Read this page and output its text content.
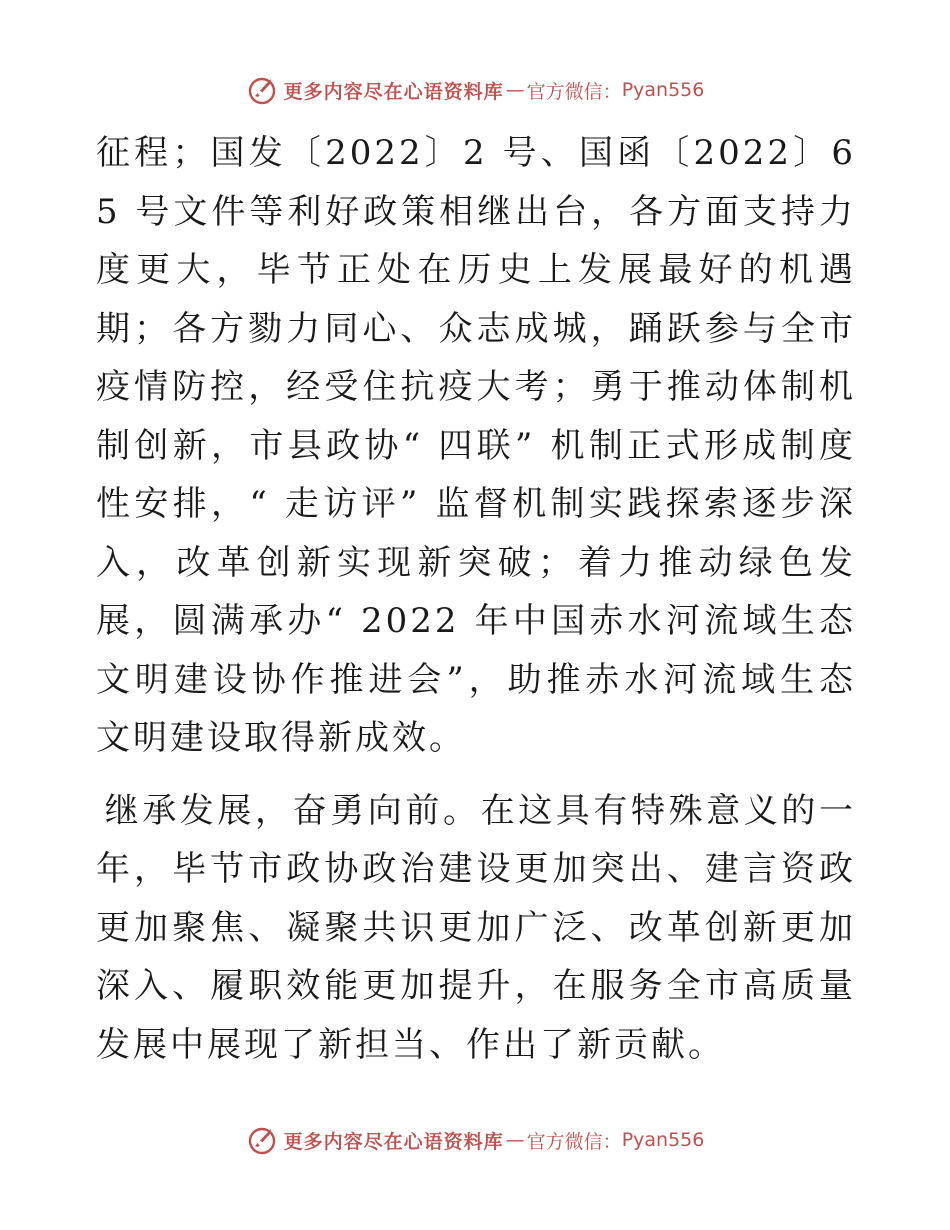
更多内容尽在心语资料库 — 官方微信： Pyan556

征程；国发〔2022〕2 号、国函〔2022〕65 号文件等利好政策相继出台，各方面支持力度更大，毕节正处在历史上发展最好的机遇期；各方勠力同心、众志成城，踊跃参与全市疫情防控，经受住抗疫大考；勇于推动体制机制创新，市县政协“ 四联” 机制正式形成制度性安排，“ 走访评” 监督机制实践探索逐步深入，改革创新实现新突破；着力推动绿色发展，圆满承办“ 2022 年中国赤水河流域生态文明建设协作推进会”，助推赤水河流域生态文明建设取得新成效。

继承发展，奋勇向前。在这具有特殊意义的一年，毕节市政协政治建设更加突出、建言资政更加聚焦、凝聚共识更加广泛、改革创新更加深入、履职效能更加提升，在服务全市高质量发展中展现了新担当、作出了新贡献。

更多内容尽在心语资料库 — 官方微信： Pyan556
